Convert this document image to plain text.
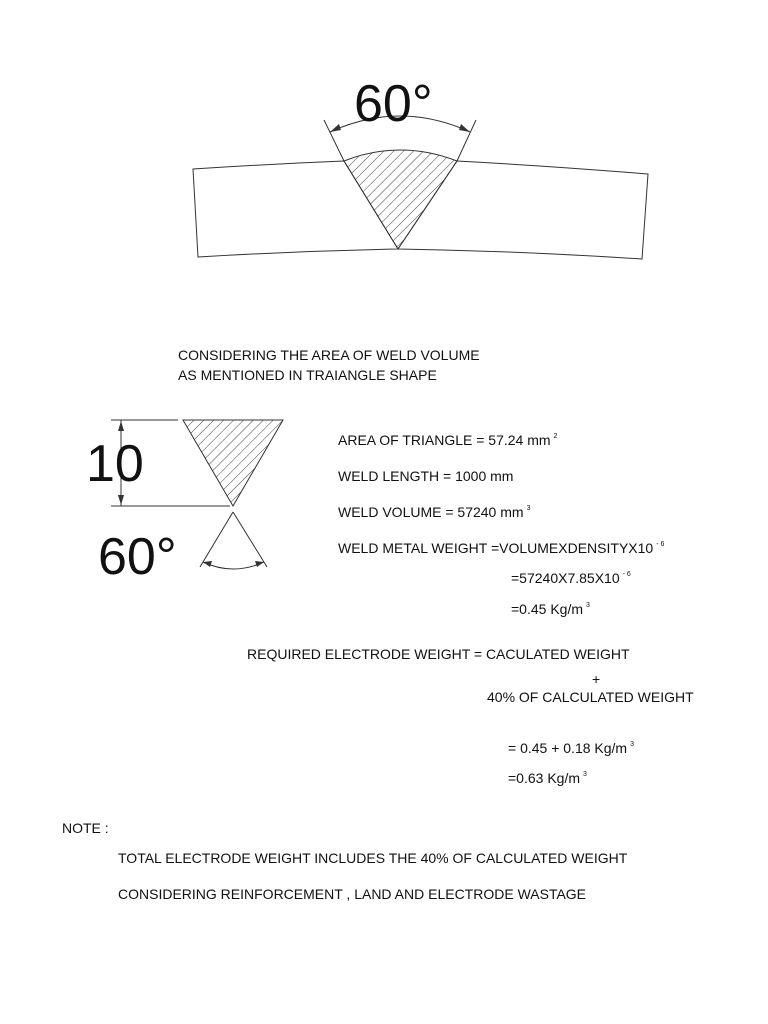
60°
CONSIDERING THE AREA OF WELD VOLUME
AS MENTIONED IN TRAIANGLE SHAPE
10
60°
AREA OF TRIANGLE = 57.24 mm $^2$
WELD LENGTH = 1000 mm
WELD VOLUME = 57240 mm $^3$
WELD METAL WEIGHT =VOLUMEXDENSITYX10 $^{- 6}$
=57240X7.85X10 $^{- 6}$
=0.45 Kg/m $^3$
REQUIRED ELECTRODE WEIGHT = CACULATED WEIGHT
+
40% OF CALCULATED WEIGHT
= 0.45 + 0.18 Kg/m $^3$
=0.63 Kg/m $^3$
NOTE :
TOTAL ELECTRODE WEIGHT INCLUDES THE 40% OF CALCULATED WEIGHT
CONSIDERING REINFORCEMENT , LAND AND ELECTRODE WASTAGE
